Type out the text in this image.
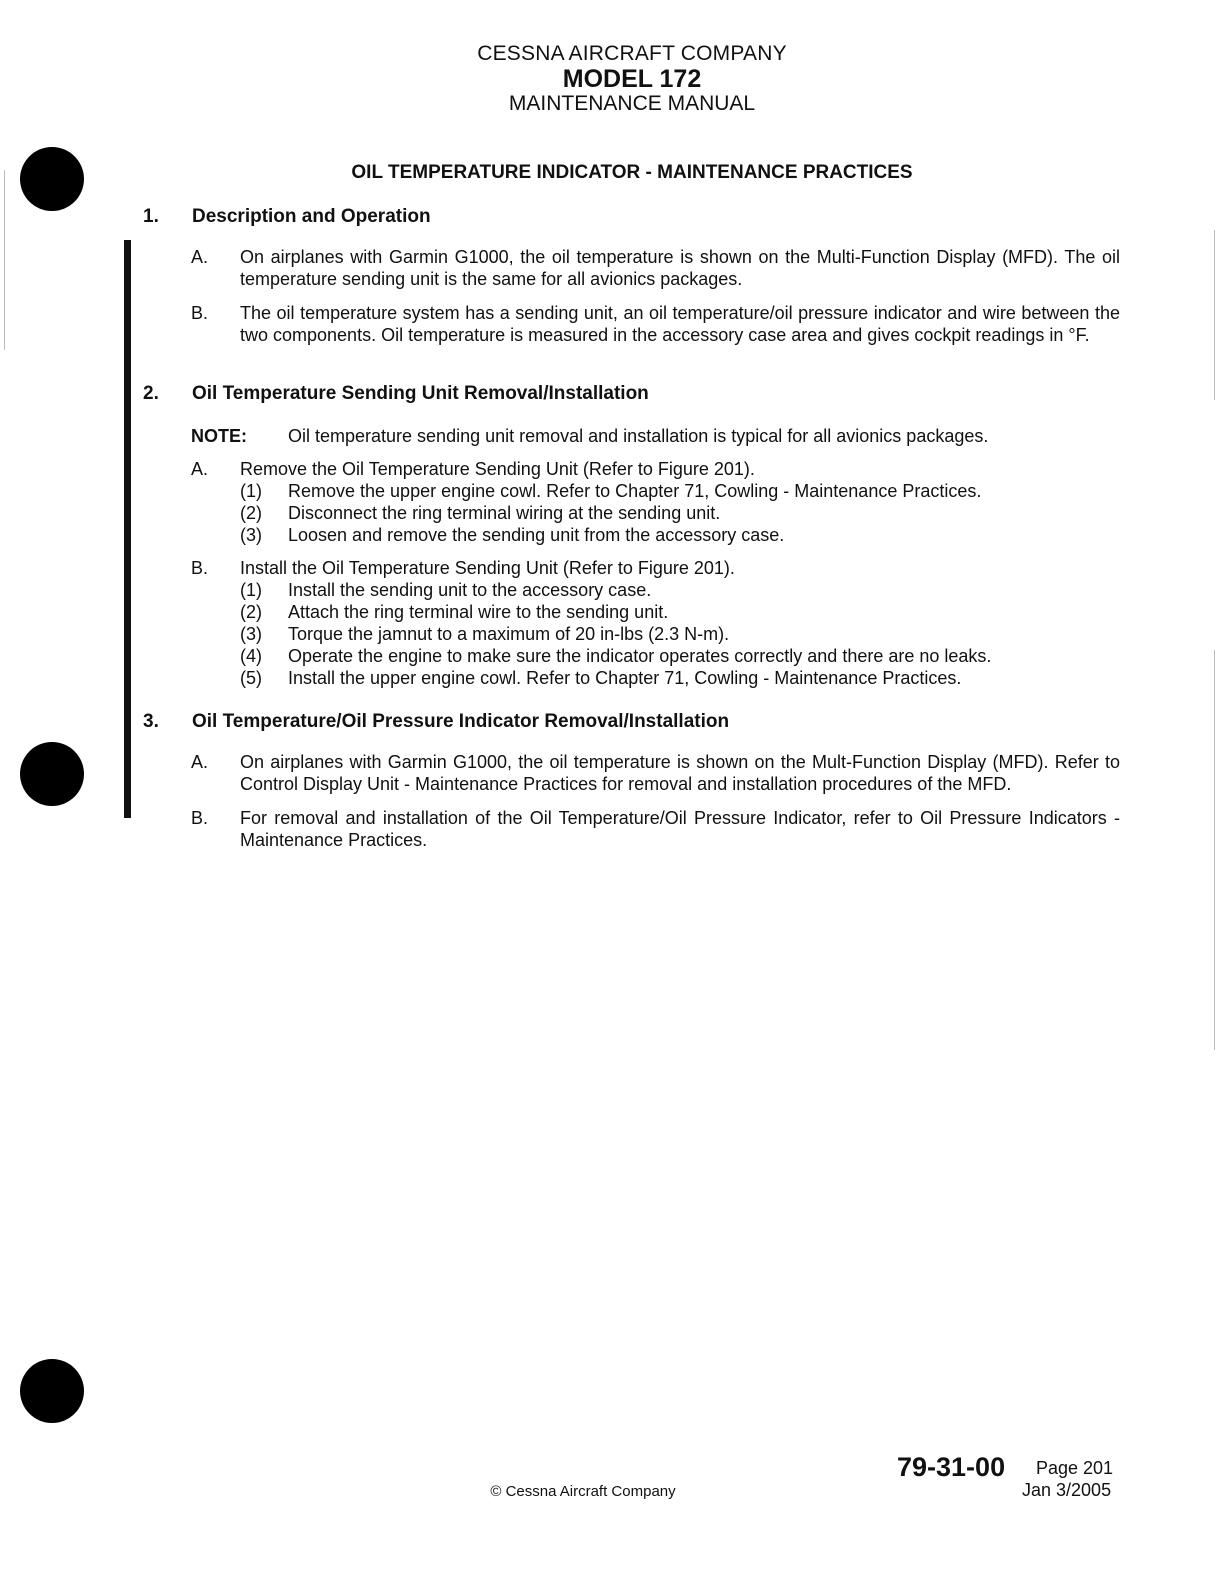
CESSNA AIRCRAFT COMPANY
MODEL 172
MAINTENANCE MANUAL
OIL TEMPERATURE INDICATOR - MAINTENANCE PRACTICES
1. Description and Operation
A. On airplanes with Garmin G1000, the oil temperature is shown on the Multi-Function Display (MFD). The oil temperature sending unit is the same for all avionics packages.
B. The oil temperature system has a sending unit, an oil temperature/oil pressure indicator and wire between the two components. Oil temperature is measured in the accessory case area and gives cockpit readings in °F.
2. Oil Temperature Sending Unit Removal/Installation
NOTE: Oil temperature sending unit removal and installation is typical for all avionics packages.
A. Remove the Oil Temperature Sending Unit (Refer to Figure 201).
(1) Remove the upper engine cowl. Refer to Chapter 71, Cowling - Maintenance Practices.
(2) Disconnect the ring terminal wiring at the sending unit.
(3) Loosen and remove the sending unit from the accessory case.
B. Install the Oil Temperature Sending Unit (Refer to Figure 201).
(1) Install the sending unit to the accessory case.
(2) Attach the ring terminal wire to the sending unit.
(3) Torque the jamnut to a maximum of 20 in-lbs (2.3 N-m).
(4) Operate the engine to make sure the indicator operates correctly and there are no leaks.
(5) Install the upper engine cowl. Refer to Chapter 71, Cowling - Maintenance Practices.
3. Oil Temperature/Oil Pressure Indicator Removal/Installation
A. On airplanes with Garmin G1000, the oil temperature is shown on the Mult-Function Display (MFD). Refer to Control Display Unit - Maintenance Practices for removal and installation procedures of the MFD.
B. For removal and installation of the Oil Temperature/Oil Pressure Indicator, refer to Oil Pressure Indicators - Maintenance Practices.
79-31-00 Page 201
Jan 3/2005
© Cessna Aircraft Company
